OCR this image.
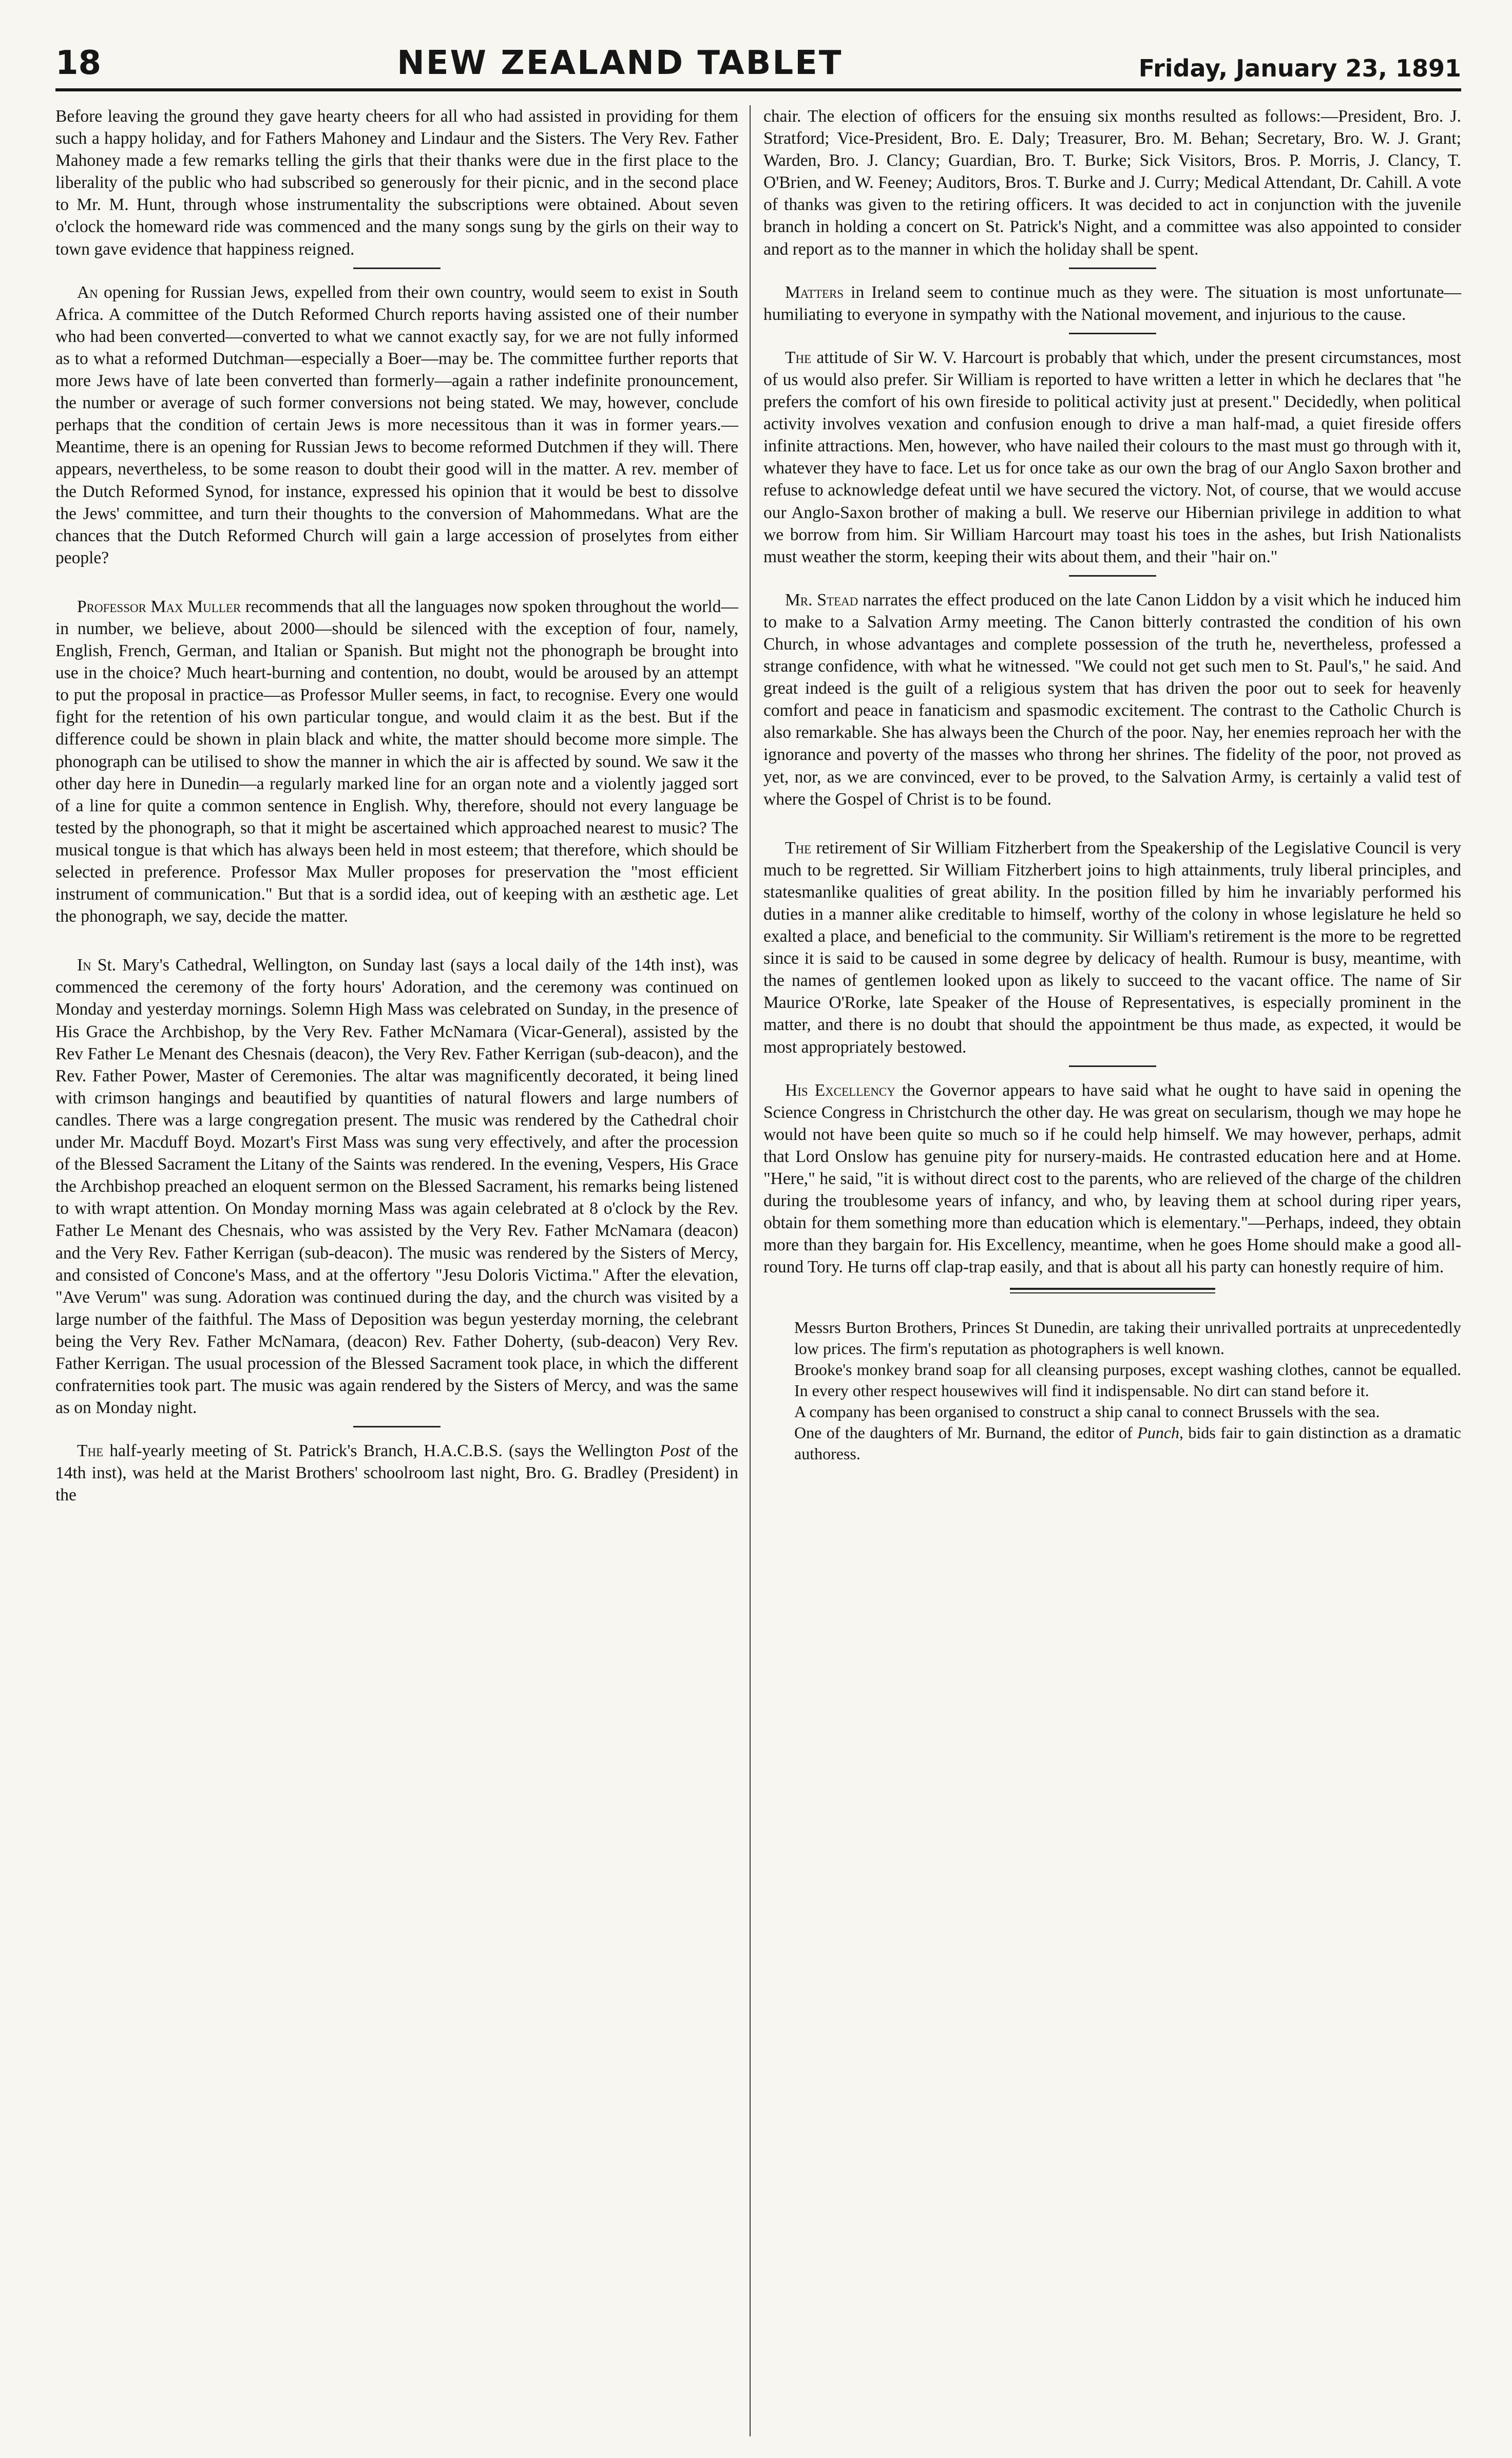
18	NEW ZEALAND TABLET	Friday, January 23, 1891

Before leaving the ground they gave hearty cheers for all who had assisted in providing for them such a happy holiday, and for Fathers Mahoney and Lindaur and the Sisters. The Very Rev. Father Mahoney made a few remarks telling the girls that their thanks were due in the first place to the liberality of the public who had subscribed so generously for their picnic, and in the second place to Mr. M. Hunt, through whose instrumentality the subscriptions were obtained. About seven o'clock the homeward ride was commenced and the many songs sung by the girls on their way to town gave evidence that happiness reigned.

An opening for Russian Jews, expelled from their own country, would seem to exist in South Africa. A committee of the Dutch Reformed Church reports having assisted one of their number who had been converted—converted to what we cannot exactly say, for we are not fully informed as to what a reformed Dutchman—especially a Boer—may be. The committee further reports that more Jews have of late been converted than formerly—again a rather indefinite pronouncement, the number or average of such former conversions not being stated. We may, however, conclude perhaps that the condition of certain Jews is more necessitous than it was in former years.—Meantime, there is an opening for Russian Jews to become reformed Dutchmen if they will. There appears, nevertheless, to be some reason to doubt their good will in the matter. A rev. member of the Dutch Reformed Synod, for instance, expressed his opinion that it would be best to dissolve the Jews' committee, and turn their thoughts to the conversion of Mahommedans. What are the chances that the Dutch Reformed Church will gain a large accession of proselytes from either people?

Professor Max Muller recommends that all the languages now spoken throughout the world—in number, we believe, about 2000—should be silenced with the exception of four, namely, English, French, German, and Italian or Spanish. But might not the phonograph be brought into use in the choice? Much heart-burning and contention, no doubt, would be aroused by an attempt to put the proposal in practice—as Professor Muller seems, in fact, to recognise. Every one would fight for the retention of his own particular tongue, and would claim it as the best. But if the difference could be shown in plain black and white, the matter should become more simple. The phonograph can be utilised to show the manner in which the air is affected by sound. We saw it the other day here in Dunedin—a regularly marked line for an organ note and a violently jagged sort of a line for quite a common sentence in English. Why, therefore, should not every language be tested by the phonograph, so that it might be ascertained which approached nearest to music? The musical tongue is that which has always been held in most esteem; that therefore, which should be selected in preference. Professor Max Muller proposes for preservation the "most efficient instrument of communication." But that is a sordid idea, out of keeping with an æsthetic age. Let the phonograph, we say, decide the matter.

In St. Mary's Cathedral, Wellington, on Sunday last (says a local daily of the 14th inst), was commenced the ceremony of the forty hours' Adoration, and the ceremony was continued on Monday and yesterday mornings. Solemn High Mass was celebrated on Sunday, in the presence of His Grace the Archbishop, by the Very Rev. Father McNamara (Vicar-General), assisted by the Rev Father Le Menant des Chesnais (deacon), the Very Rev. Father Kerrigan (sub-deacon), and the Rev. Father Power, Master of Ceremonies. The altar was magnificently decorated, it being lined with crimson hangings and beautified by quantities of natural flowers and large numbers of candles. There was a large congregation present. The music was rendered by the Cathedral choir under Mr. Macduff Boyd. Mozart's First Mass was sung very effectively, and after the procession of the Blessed Sacrament the Litany of the Saints was rendered. In the evening, Vespers, His Grace the Archbishop preached an eloquent sermon on the Blessed Sacrament, his remarks being listened to with wrapt attention. On Monday morning Mass was again celebrated at 8 o'clock by the Rev. Father Le Menant des Chesnais, who was assisted by the Very Rev. Father McNamara (deacon) and the Very Rev. Father Kerrigan (sub-deacon). The music was rendered by the Sisters of Mercy, and consisted of Concone's Mass, and at the offertory "Jesu Doloris Victima." After the elevation, "Ave Verum" was sung. Adoration was continued during the day, and the church was visited by a large number of the faithful. The Mass of Deposition was begun yesterday morning, the celebrant being the Very Rev. Father McNamara, (deacon) Rev. Father Doherty, (sub-deacon) Very Rev. Father Kerrigan. The usual procession of the Blessed Sacrament took place, in which the different confraternities took part. The music was again rendered by the Sisters of Mercy, and was the same as on Monday night.

The half-yearly meeting of St. Patrick's Branch, H.A.C.B.S. (says the Wellington Post of the 14th inst), was held at the Marist Brothers' schoolroom last night, Bro. G. Bradley (President) in the

chair. The election of officers for the ensuing six months resulted as follows:—President, Bro. J. Stratford; Vice-President, Bro. E. Daly; Treasurer, Bro. M. Behan; Secretary, Bro. W. J. Grant; Warden, Bro. J. Clancy; Guardian, Bro. T. Burke; Sick Visitors, Bros. P. Morris, J. Clancy, T. O'Brien, and W. Feeney; Auditors, Bros. T. Burke and J. Curry; Medical Attendant, Dr. Cahill. A vote of thanks was given to the retiring officers. It was decided to act in conjunction with the juvenile branch in holding a concert on St. Patrick's Night, and a committee was also appointed to consider and report as to the manner in which the holiday shall be spent.

Matters in Ireland seem to continue much as they were. The situation is most unfortunate—humiliating to everyone in sympathy with the National movement, and injurious to the cause.

The attitude of Sir W. V. Harcourt is probably that which, under the present circumstances, most of us would also prefer. Sir William is reported to have written a letter in which he declares that "he prefers the comfort of his own fireside to political activity just at present." Decidedly, when political activity involves vexation and confusion enough to drive a man half-mad, a quiet fireside offers infinite attractions. Men, however, who have nailed their colours to the mast must go through with it, whatever they have to face. Let us for once take as our own the brag of our Anglo Saxon brother and refuse to acknowledge defeat until we have secured the victory. Not, of course, that we would accuse our Anglo-Saxon brother of making a bull. We reserve our Hibernian privilege in addition to what we borrow from him. Sir William Harcourt may toast his toes in the ashes, but Irish Nationalists must weather the storm, keeping their wits about them, and their "hair on."

Mr. Stead narrates the effect produced on the late Canon Liddon by a visit which he induced him to make to a Salvation Army meeting. The Canon bitterly contrasted the condition of his own Church, in whose advantages and complete possession of the truth he, nevertheless, professed a strange confidence, with what he witnessed. "We could not get such men to St. Paul's," he said. And great indeed is the guilt of a religious system that has driven the poor out to seek for heavenly comfort and peace in fanaticism and spasmodic excitement. The contrast to the Catholic Church is also remarkable. She has always been the Church of the poor. Nay, her enemies reproach her with the ignorance and poverty of the masses who throng her shrines. The fidelity of the poor, not proved as yet, nor, as we are convinced, ever to be proved, to the Salvation Army, is certainly a valid test of where the Gospel of Christ is to be found.

The retirement of Sir William Fitzherbert from the Speakership of the Legislative Council is very much to be regretted. Sir William Fitzherbert joins to high attainments, truly liberal principles, and statesmanlike qualities of great ability. In the position filled by him he invariably performed his duties in a manner alike creditable to himself, worthy of the colony in whose legislature he held so exalted a place, and beneficial to the community. Sir William's retirement is the more to be regretted since it is said to be caused in some degree by delicacy of health. Rumour is busy, meantime, with the names of gentlemen looked upon as likely to succeed to the vacant office. The name of Sir Maurice O'Rorke, late Speaker of the House of Representatives, is especially prominent in the matter, and there is no doubt that should the appointment be thus made, as expected, it would be most appropriately bestowed.

His Excellency the Governor appears to have said what he ought to have said in opening the Science Congress in Christchurch the other day. He was great on secularism, though we may hope he would not have been quite so much so if he could help himself. We may however, perhaps, admit that Lord Onslow has genuine pity for nursery-maids. He contrasted education here and at Home. "Here," he said, "it is without direct cost to the parents, who are relieved of the charge of the children during the troublesome years of infancy, and who, by leaving them at school during riper years, obtain for them something more than education which is elementary."—Perhaps, indeed, they obtain more than they bargain for. His Excellency, meantime, when he goes Home should make a good all-round Tory. He turns off clap-trap easily, and that is about all his party can honestly require of him.

Messrs Burton Brothers, Princes St Dunedin, are taking their unrivalled portraits at unprecedentedly low prices. The firm's reputation as photographers is well known.

Brooke's monkey brand soap for all cleansing purposes, except washing clothes, cannot be equalled. In every other respect housewives will find it indispensable. No dirt can stand before it.

A company has been organised to construct a ship canal to connect Brussels with the sea.

One of the daughters of Mr. Burnand, the editor of Punch, bids fair to gain distinction as a dramatic authoress.
